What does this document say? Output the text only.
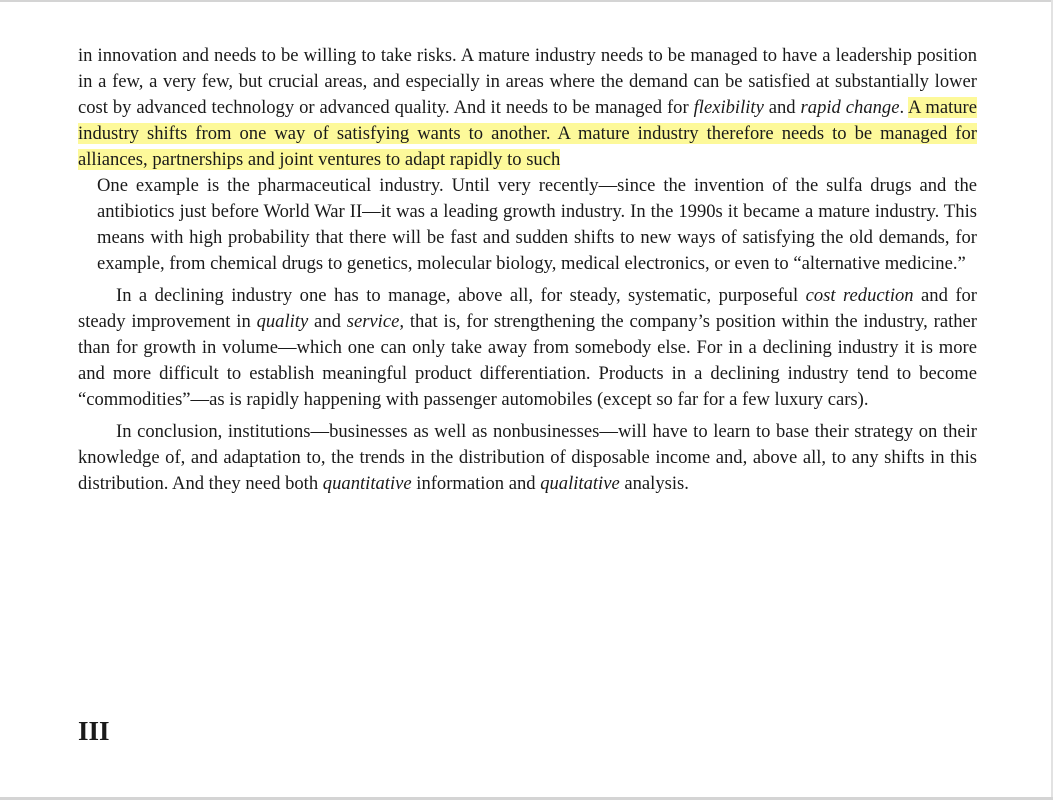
in innovation and needs to be willing to take risks. A mature industry needs to be managed to have a leadership position in a few, a very few, but crucial areas, and especially in areas where the demand can be satisfied at substantially lower cost by advanced technology or advanced quality. And it needs to be managed for flexibility and rapid change. A mature industry shifts from one way of satisfying wants to another. A mature industry therefore needs to be managed for alliances, partnerships and joint ventures to adapt rapidly to such

One example is the pharmaceutical industry. Until very recently—since the invention of the sulfa drugs and the antibiotics just before World War II—it was a leading growth industry. In the 1990s it became a mature industry. This means with high probability that there will be fast and sudden shifts to new ways of satisfying the old demands, for example, from chemical drugs to genetics, molecular biology, medical electronics, or even to “alternative medicine.”

In a declining industry one has to manage, above all, for steady, systematic, purposeful cost reduction and for steady improvement in quality and service, that is, for strengthening the company’s position within the industry, rather than for growth in volume—which one can only take away from somebody else. For in a declining industry it is more and more difficult to establish meaningful product differentiation. Products in a declining industry tend to become “commodities”—as is rapidly happening with passenger automobiles (except so far for a few luxury cars).

In conclusion, institutions—businesses as well as nonbusinesses—will have to learn to base their strategy on their knowledge of, and adaptation to, the trends in the distribution of disposable income and, above all, to any shifts in this distribution. And they need both quantitative information and qualitative analysis.

III
